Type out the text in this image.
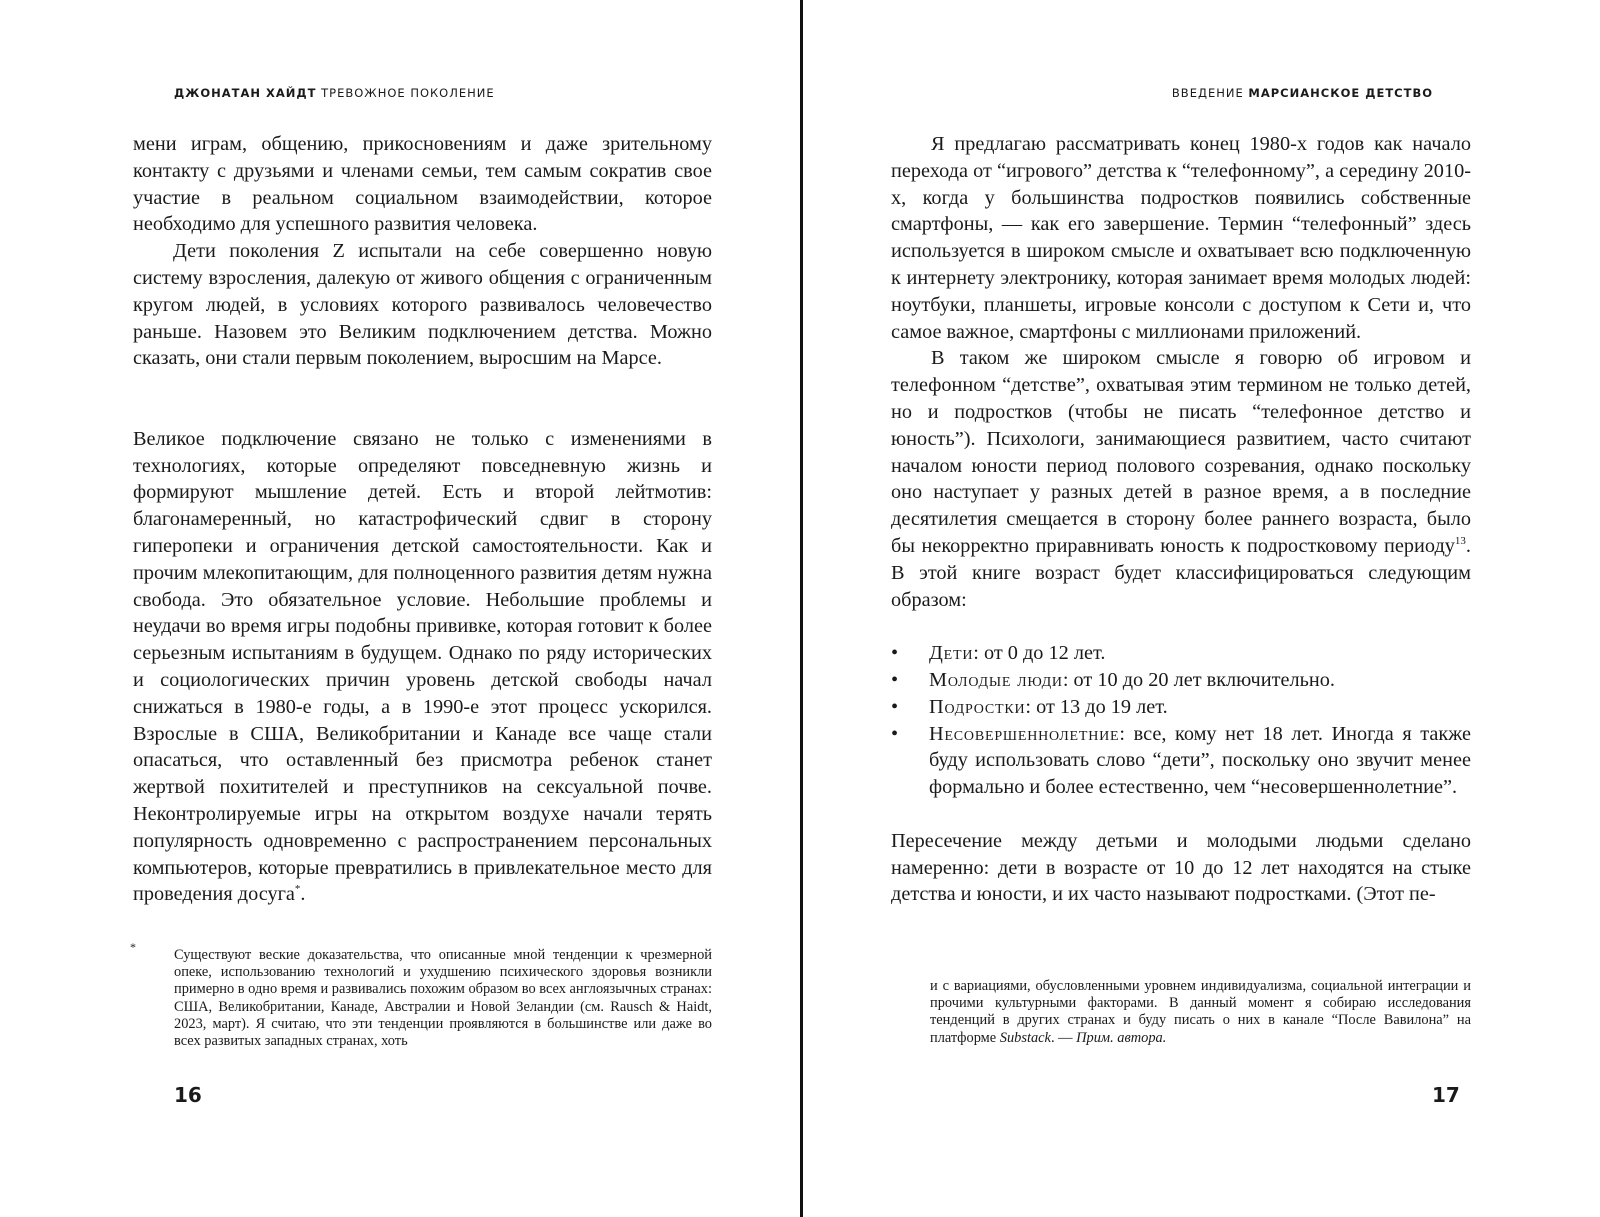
ДЖОНАТАН ХАЙДТ ТРЕВОЖНОЕ ПОКОЛЕНИЕ

мени играм, общению, прикосновениям и даже зрительному контакту с друзьями и членами семьи, тем самым сократив свое участие в реальном социальном взаимодействии, которое необходимо для успешного развития человека.

Дети поколения Z испытали на себе совершенно новую систему взросления, далекую от живого общения с ограниченным кругом людей, в условиях которого развивалось человечество раньше. Назовем это Великим подключением детства. Можно сказать, они стали первым поколением, выросшим на Марсе.

Великое подключение связано не только с изменениями в технологиях, которые определяют повседневную жизнь и формируют мышление детей. Есть и второй лейтмотив: благонамеренный, но катастрофический сдвиг в сторону гиперопеки и ограничения детской самостоятельности. Как и прочим млекопитающим, для полноценного развития детям нужна свобода. Это обязательное условие. Небольшие проблемы и неудачи во время игры подобны прививке, которая готовит к более серьезным испытаниям в будущем. Однако по ряду исторических и социологических причин уровень детской свободы начал снижаться в 1980-е годы, а в 1990-е этот процесс ускорился. Взрослые в США, Великобритании и Канаде все чаще стали опасаться, что оставленный без присмотра ребенок станет жертвой похитителей и преступников на сексуальной почве. Неконтролируемые игры на открытом воздухе начали терять популярность одновременно с распространением персональных компьютеров, которые превратились в привлекательное место для проведения досуга*.

*	Существуют веские доказательства, что описанные мной тенденции к чрезмерной опеке, использованию технологий и ухудшению психического здоровья возникли примерно в одно время и развивались похожим образом во всех англоязычных странах: США, Великобритании, Канаде, Австралии и Новой Зеландии (см. Rausch & Haidt, 2023, март). Я считаю, что эти тенденции проявляются в большинстве или даже во всех развитых западных странах, хоть
16
ВВЕДЕНИЕ МАРСИАНСКОЕ ДЕТСТВО

Я предлагаю рассматривать конец 1980-х годов как начало перехода от “игрового” детства к “телефонному”, а середину 2010-х, когда у большинства подростков появились собственные смартфоны, — как его завершение. Термин “телефонный” здесь используется в широком смысле и охватывает всю подключенную к интернету электронику, которая занимает время молодых людей: ноутбуки, планшеты, игровые консоли с доступом к Сети и, что самое важное, смартфоны с миллионами приложений.

В таком же широком смысле я говорю об игровом и телефонном “детстве”, охватывая этим термином не только детей, но и подростков (чтобы не писать “телефонное детство и юность”). Психологи, занимающиеся развитием, часто считают началом юности период полового созревания, однако поскольку оно наступает у разных детей в разное время, а в последние десятилетия смещается в сторону более раннего возраста, было бы некорректно приравнивать юность к подростковому периоду$^{13}$. В этой книге возраст будет классифицироваться следующим образом:

• Дети: от 0 до 12 лет.
• Молодые люди: от 10 до 20 лет включительно.
• Подростки: от 13 до 19 лет.
• Несовершеннолетние: все, кому нет 18 лет. Иногда я также буду использовать слово “дети”, поскольку оно звучит менее формально и более естественно, чем “несовершеннолетние”.

Пересечение между детьми и молодыми людьми сделано намеренно: дети в возрасте от 10 до 12 лет находятся на стыке детства и юности, и их часто называют подростками. (Этот пе-

и с вариациями, обусловленными уровнем индивидуализма, социальной интеграции и прочими культурными факторами. В данный момент я собираю исследования тенденций в других странах и буду писать о них в канале “После Вавилона” на платформе Substack. — Прим. автора.
17
